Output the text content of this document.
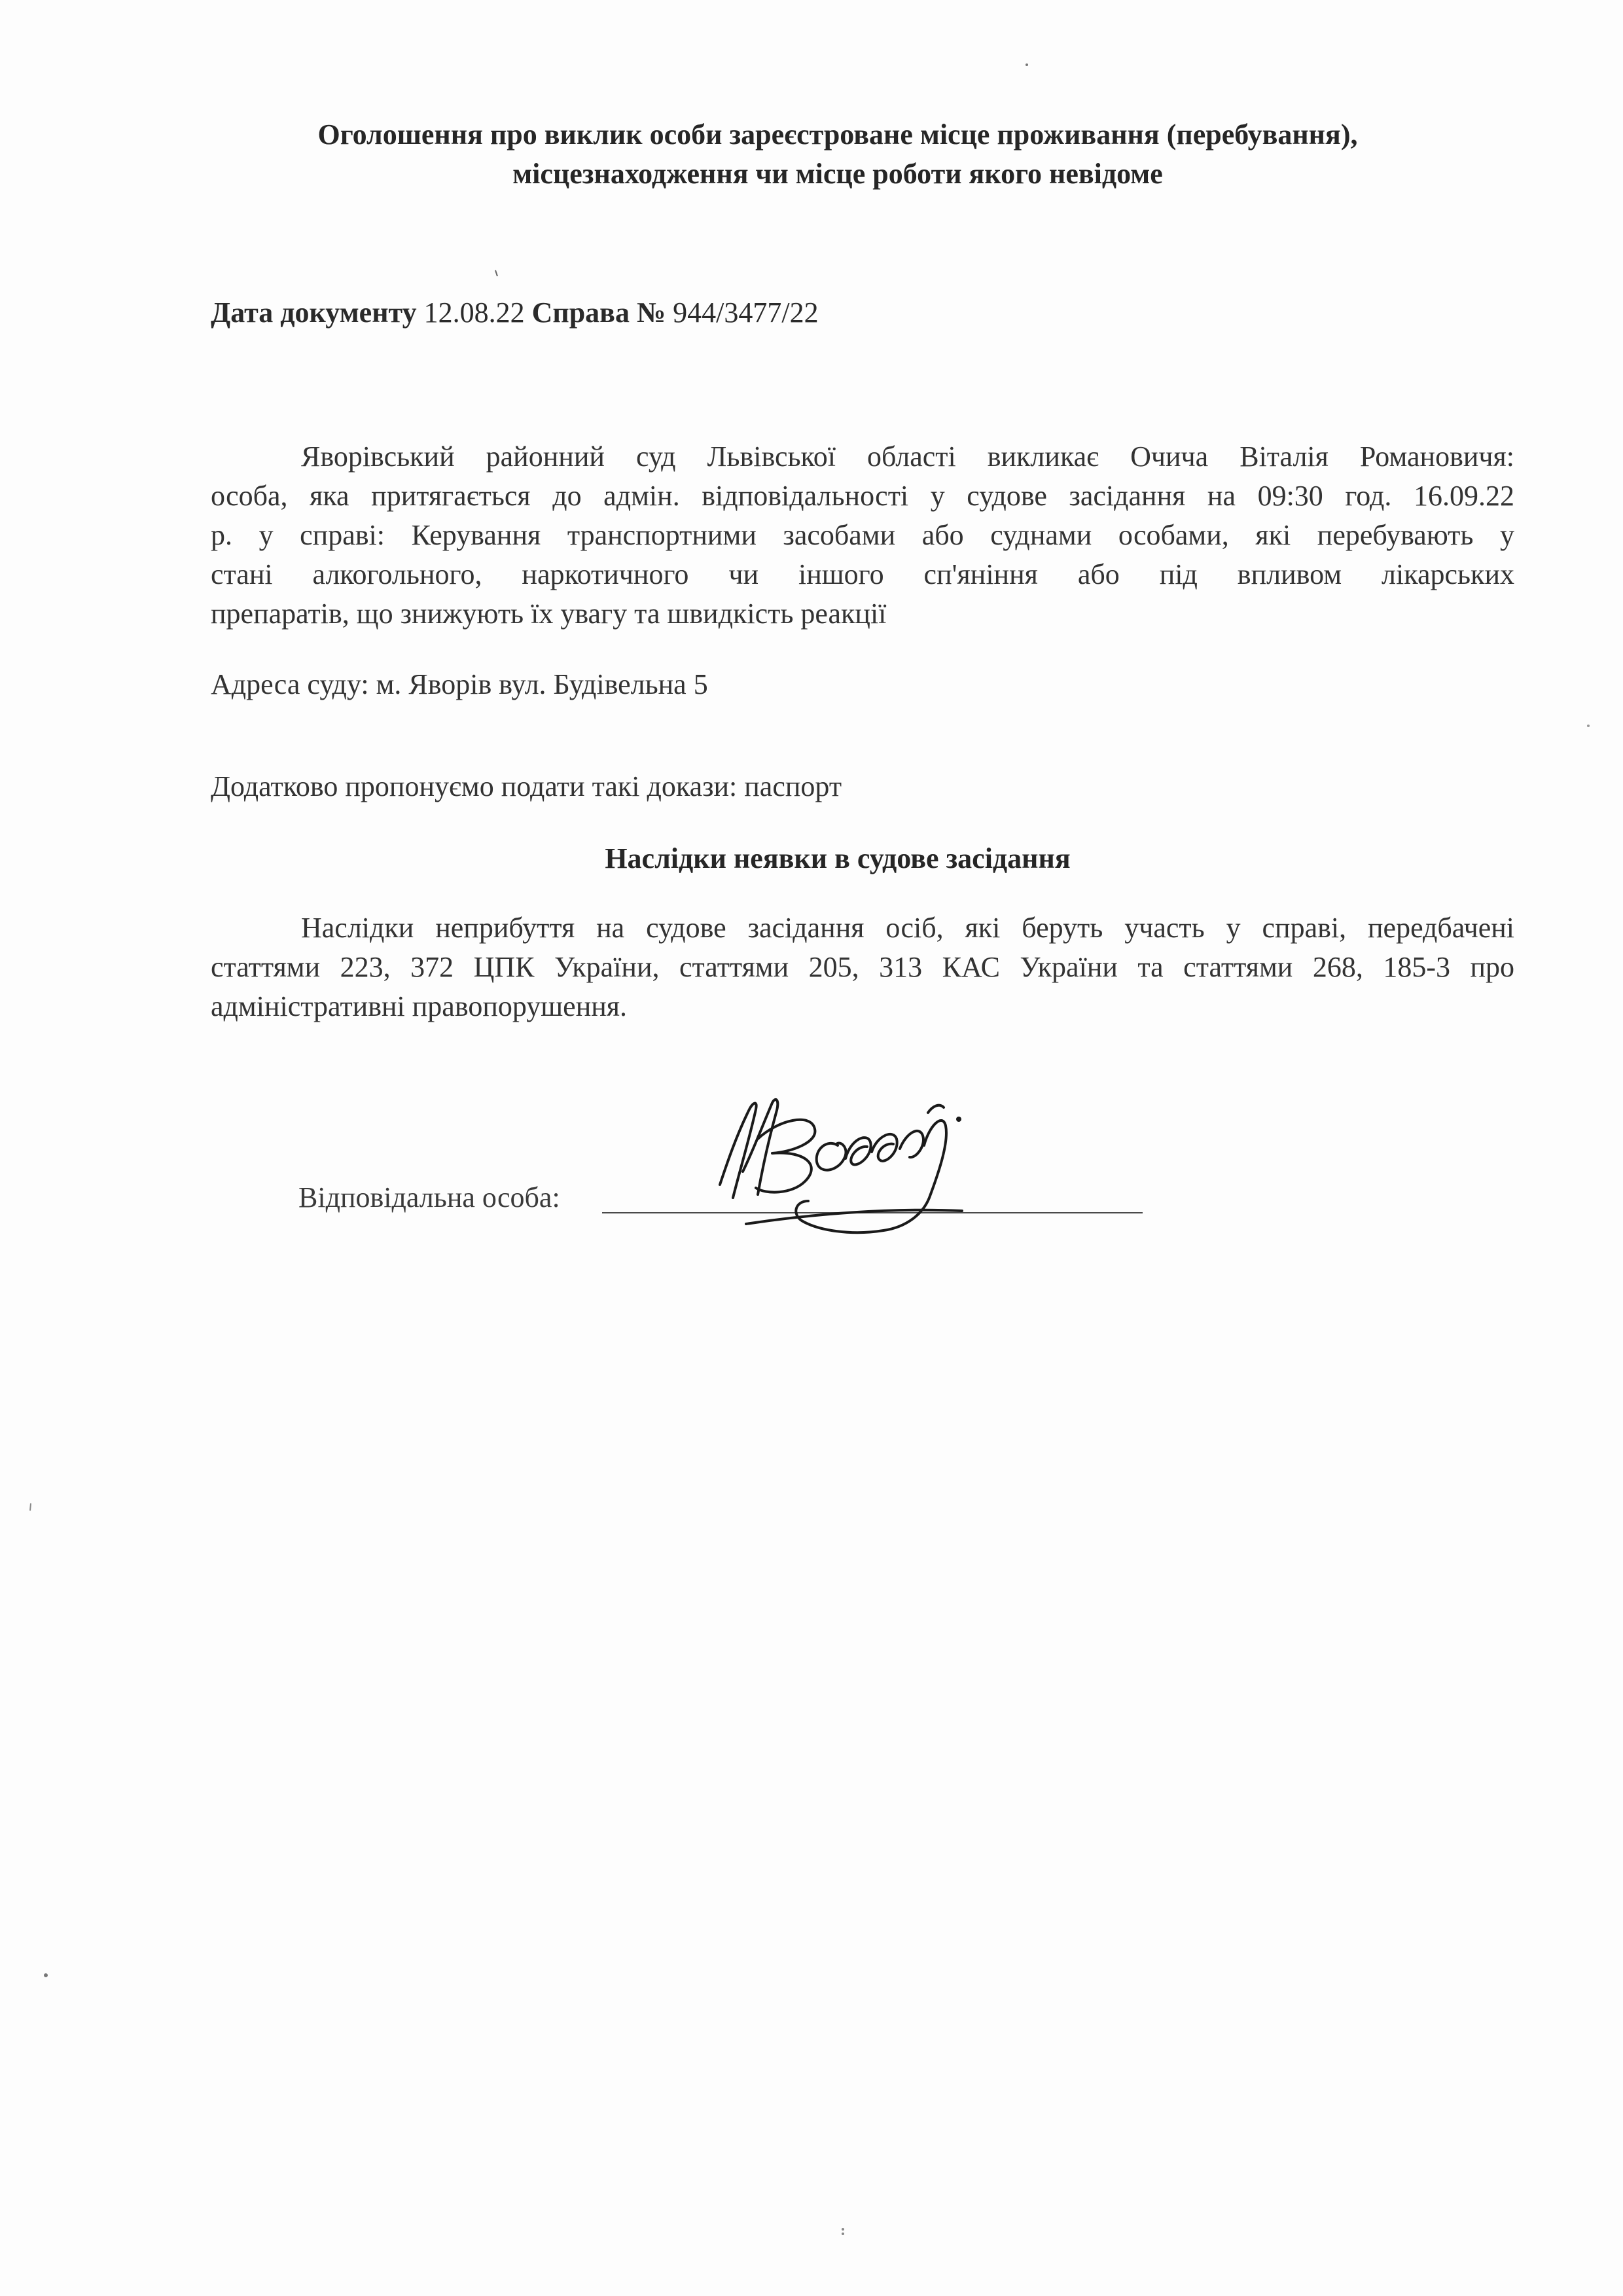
Оголошення про виклик особи зареєстроване місце проживання (перебування),
місцезнаходження чи місце роботи якого невідоме
Дата документу 12.08.22 Справа № 944/3477/22
Яворівський районний суд Львівської області викликає Очича Віталія Романовичя:
особа, яка притягається до адмін. відповідальності у судове засідання на 09:30 год. 16.09.22
р. у справі: Керування транспортними засобами або суднами особами, які перебувають у
стані алкогольного, наркотичного чи іншого сп'яніння або під впливом лікарських
препаратів, що знижують їх увагу та швидкість реакції
Адреса суду: м. Яворів вул. Будівельна 5
Додатково пропонуємо подати такі докази: паспорт
Наслідки неявки в судове засідання
Наслідки неприбуття на судове засідання осіб, які беруть участь у справі, передбачені
статтями 223, 372 ЦПК України, статтями 205, 313 КАС України та статтями 268, 185-3 про
адміністративні правопорушення.
Відповідальна особа:
